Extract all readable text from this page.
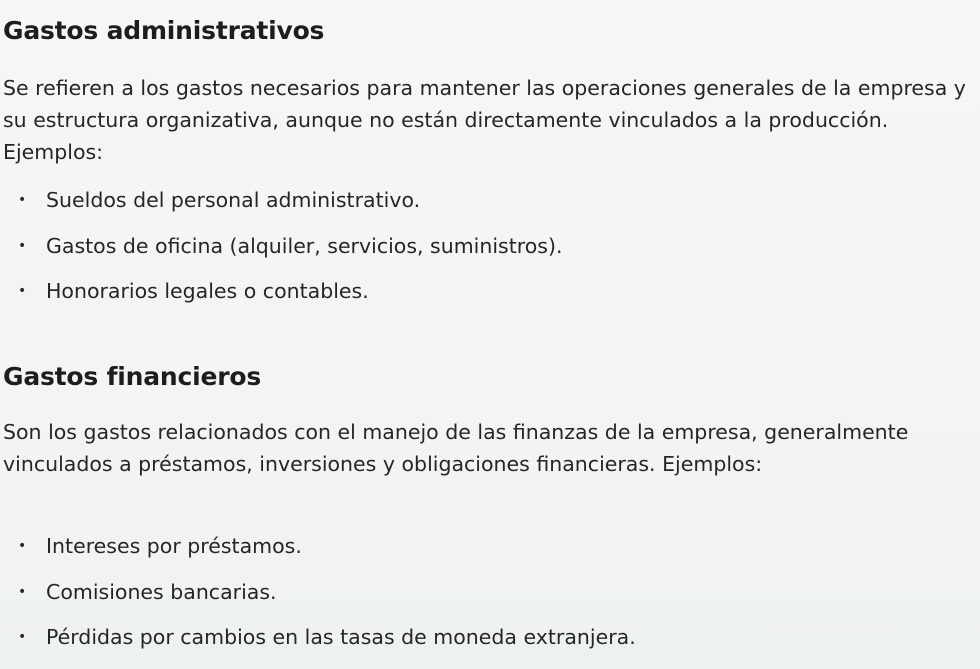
Gastos administrativos

Se refieren a los gastos necesarios para mantener las operaciones generales de la empresa y su estructura organizativa, aunque no están directamente vinculados a la producción. Ejemplos:

• Sueldos del personal administrativo.
• Gastos de oficina (alquiler, servicios, suministros).
• Honorarios legales o contables.
Gastos financieros

Son los gastos relacionados con el manejo de las finanzas de la empresa, generalmente vinculados a préstamos, inversiones y obligaciones financieras. Ejemplos:

• Intereses por préstamos.
• Comisiones bancarias.
• Pérdidas por cambios en las tasas de moneda extranjera.
